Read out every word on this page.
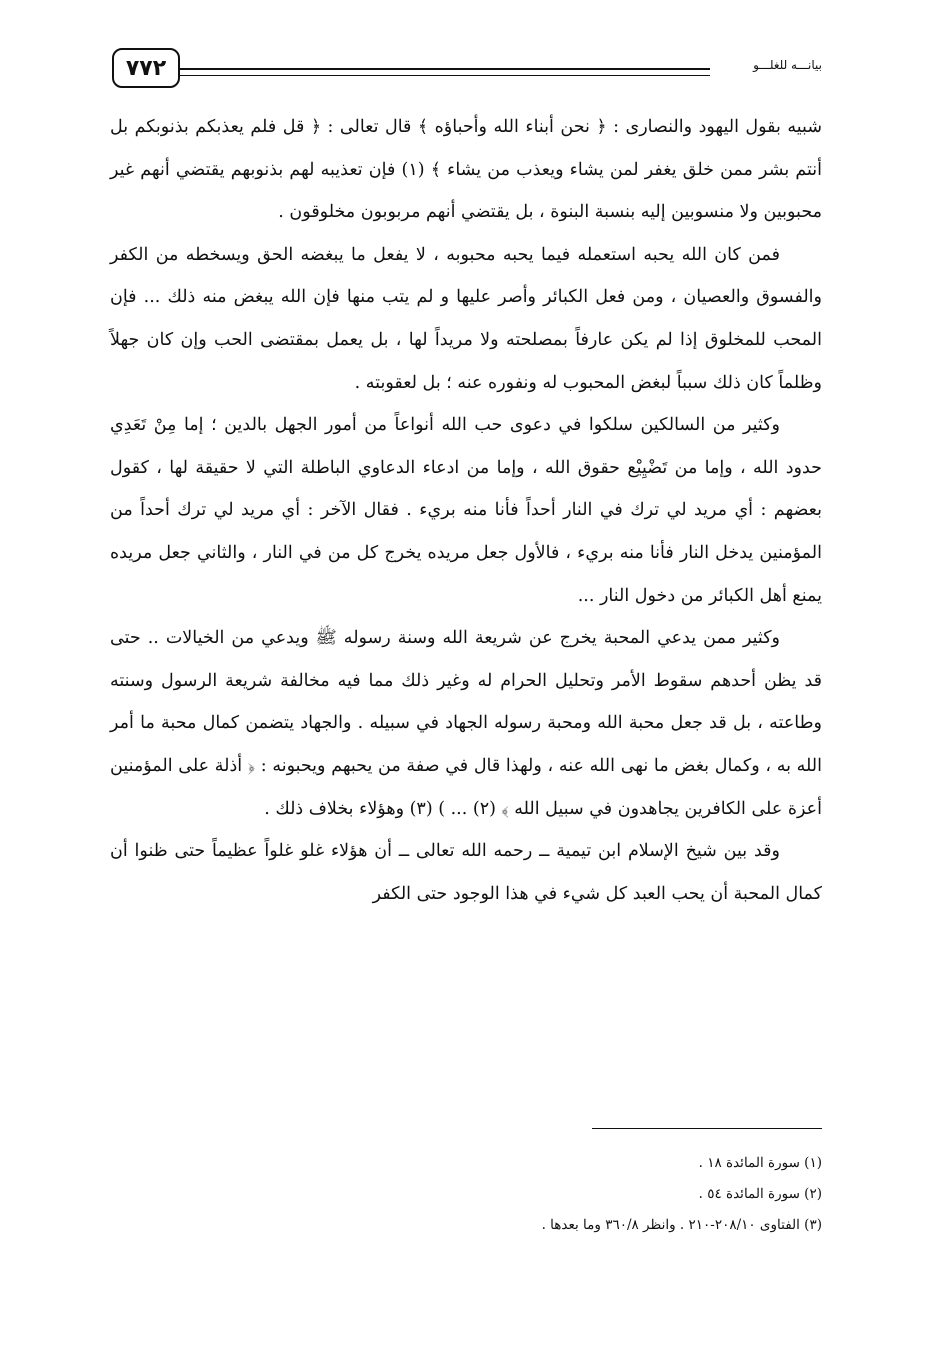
٧٧٢	بيانـــه للغلـــو

شبيه بقول اليهود والنصارى : ﴿ نحن أبناء الله وأحباؤه ﴾ قال تعالى : ﴿ قل فلم يعذبكم بذنوبكم بل أنتم بشر ممن خلق يغفر لمن يشاء ويعذب من يشاء ﴾ (١) فإن تعذيبه لهم بذنوبهم يقتضي أنهم غير محبوبين ولا منسوبين إليه بنسبة البنوة ، بل يقتضي أنهم مربوبون مخلوقون .

فمن كان الله يحبه استعمله فيما يحبه محبوبه ، لا يفعل ما يبغضه الحق ويسخطه من الكفر والفسوق والعصيان ، ومن فعل الكبائر وأصر عليها و لم يتب منها فإن الله يبغض منه ذلك ... فإن المحب للمخلوق إذا لم يكن عارفاً بمصلحته ولا مريداً لها ، بل يعمل بمقتضى الحب وإن كان جهلاً وظلماً كان ذلك سبباً لبغض المحبوب له ونفوره عنه ؛ بل لعقوبته .

وكثير من السالكين سلكوا في دعوى حب الله أنواعاً من أمور الجهل بالدين ؛ إما مِنْ تَعَدِي حدود الله ، وإما من تَضْيِيْع حقوق الله ، وإما من ادعاء الدعاوي الباطلة التي لا حقيقة لها ، كقول بعضهم : أي مريد لي ترك في النار أحداً فأنا منه بريء . فقال الآخر : أي مريد لي ترك أحداً من المؤمنين يدخل النار فأنا منه بريء ، فالأول جعل مريده يخرج كل من في النار ، والثاني جعل مريده يمنع أهل الكبائر من دخول النار ...

وكثير ممن يدعي المحبة يخرج عن شريعة الله وسنة رسوله ﷺ ويدعي من الخيالات .. حتى قد يظن أحدهم سقوط الأمر وتحليل الحرام له وغير ذلك مما فيه مخالفة شريعة الرسول وسنته وطاعته ، بل قد جعل محبة الله ومحبة رسوله الجهاد في سبيله . والجهاد يتضمن كمال محبة ما أمر الله به ، وكمال بغض ما نهى الله عنه ، ولهذا قال في صفة من يحبهم ويحبونه : ﴿ أذلة على المؤمنين أعزة على الكافرين يجاهدون في سبيل الله ﴾ (٢) ... ) (٣) وهؤلاء بخلاف ذلك .

وقد بين شيخ الإسلام ابن تيمية ــ رحمه الله تعالى ــ أن هؤلاء غلو غلواً عظيماً حتى ظنوا أن كمال المحبة أن يحب العبد كل شيء في هذا الوجود حتى الكفر

(١) سورة المائدة ١٨ .
(٢) سورة المائدة ٥٤ .
(٣) الفتاوى ٢٠٨/١٠-٢١٠ . وانظر ٣٦٠/٨ وما بعدها .
